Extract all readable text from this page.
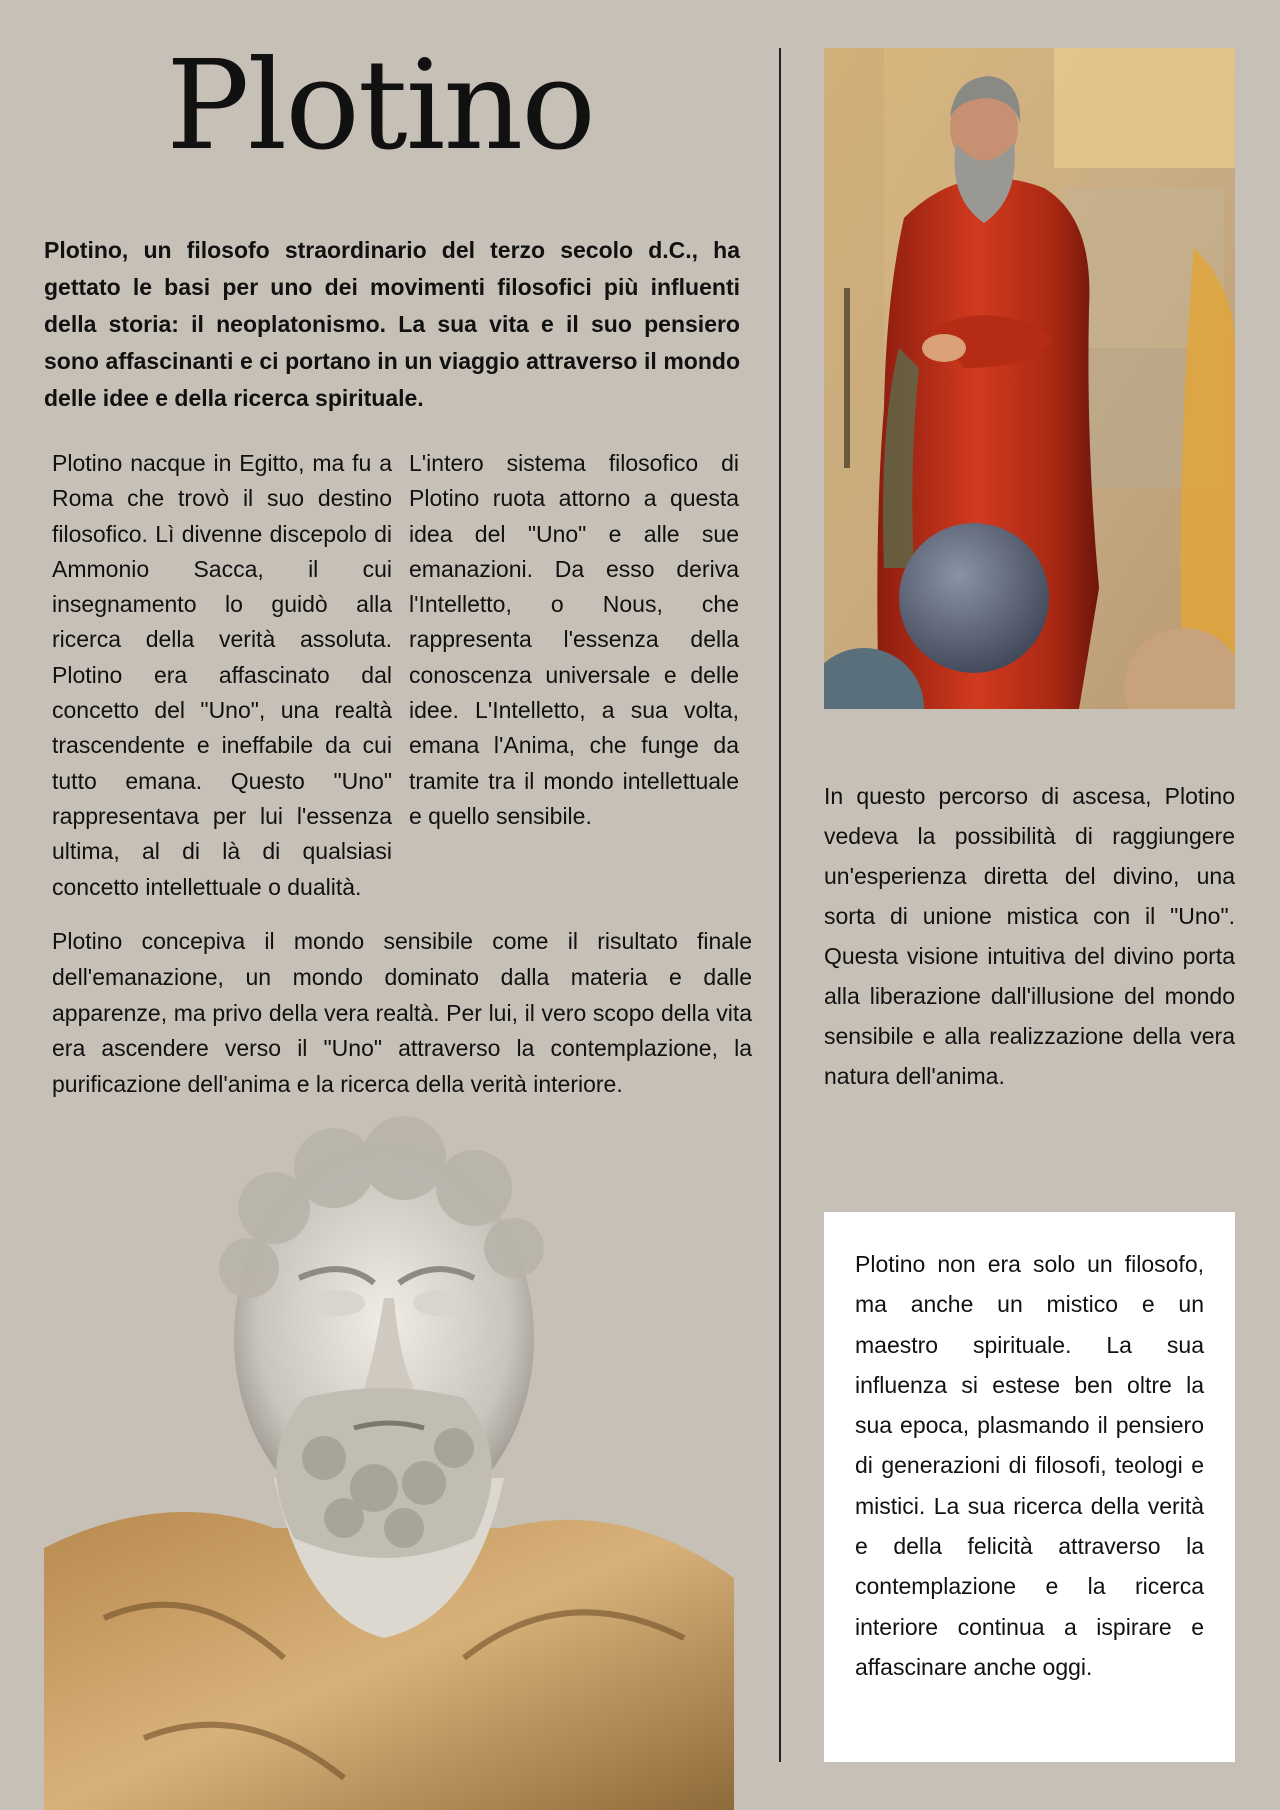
Plotino

Plotino, un filosofo straordinario del terzo secolo d.C., ha gettato le basi per uno dei movimenti filosofici più influenti della storia: il neoplatonismo. La sua vita e il suo pensiero sono affascinanti e ci portano in un viaggio attraverso il mondo delle idee e della ricerca spirituale.

Plotino nacque in Egitto, ma fu a Roma che trovò il suo destino filosofico. Lì divenne discepolo di Ammonio Sacca, il cui insegnamento lo guidò alla ricerca della verità assoluta. Plotino era affascinato dal concetto del "Uno", una realtà trascendente e ineffabile da cui tutto emana. Questo "Uno" rappresentava per lui l'essenza ultima, al di là di qualsiasi concetto intellettuale o dualità.

L'intero sistema filosofico di Plotino ruota attorno a questa idea del "Uno" e alle sue emanazioni. Da esso deriva l'Intelletto, o Nous, che rappresenta l'essenza della conoscenza universale e delle idee. L'Intelletto, a sua volta, emana l'Anima, che funge da tramite tra il mondo intellettuale e quello sensibile.

Plotino concepiva il mondo sensibile come il risultato finale dell'emanazione, un mondo dominato dalla materia e dalle apparenze, ma privo della vera realtà. Per lui, il vero scopo della vita era ascendere verso il "Uno" attraverso la contemplazione, la purificazione dell'anima e la ricerca della verità interiore.

In questo percorso di ascesa, Plotino vedeva la possibilità di raggiungere un'esperienza diretta del divino, una sorta di unione mistica con il "Uno". Questa visione intuitiva del divino porta alla liberazione dall'illusione del mondo sensibile e alla realizzazione della vera natura dell'anima.

Plotino non era solo un filosofo, ma anche un mistico e un maestro spirituale. La sua influenza si estese ben oltre la sua epoca, plasmando il pensiero di generazioni di filosofi, teologi e mistici. La sua ricerca della verità e della felicità attraverso la contemplazione e la ricerca interiore continua a ispirare e affascinare anche oggi.
